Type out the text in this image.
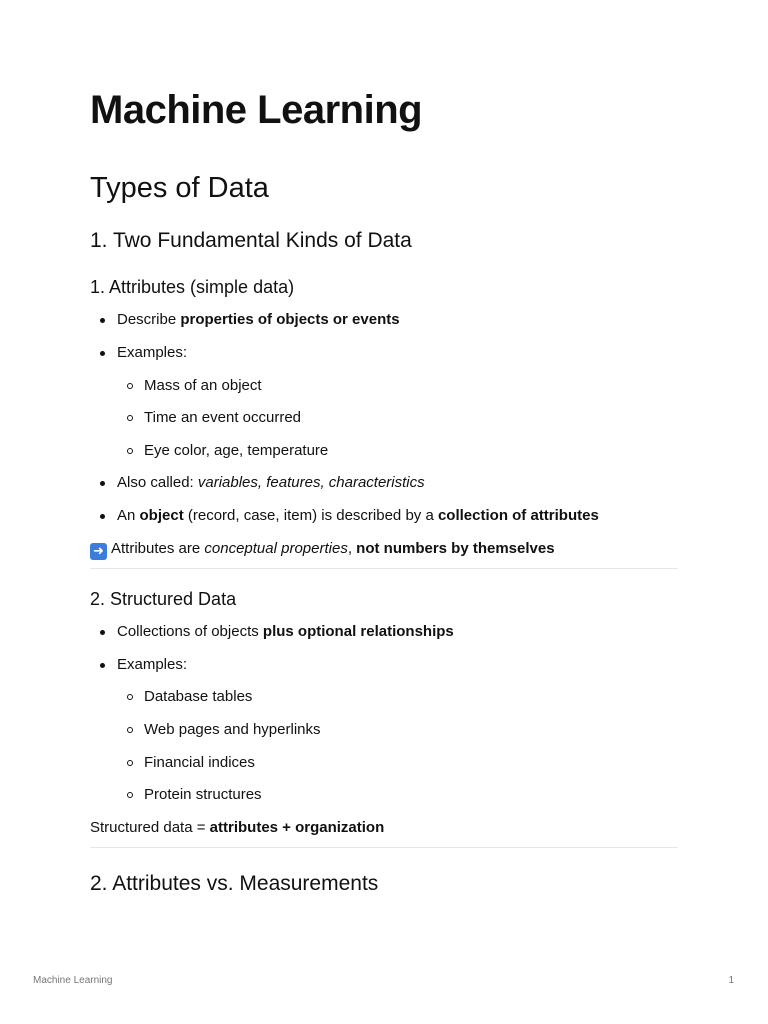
Machine Learning
Types of Data
1. Two Fundamental Kinds of Data
1. Attributes (simple data)
Describe properties of objects or events
Examples:
Mass of an object
Time an event occurred
Eye color, age, temperature
Also called: variables, features, characteristics
An object (record, case, item) is described by a collection of attributes
➜ Attributes are conceptual properties, not numbers by themselves
2. Structured Data
Collections of objects plus optional relationships
Examples:
Database tables
Web pages and hyperlinks
Financial indices
Protein structures
Structured data = attributes + organization
2. Attributes vs. Measurements
Machine Learning	1
